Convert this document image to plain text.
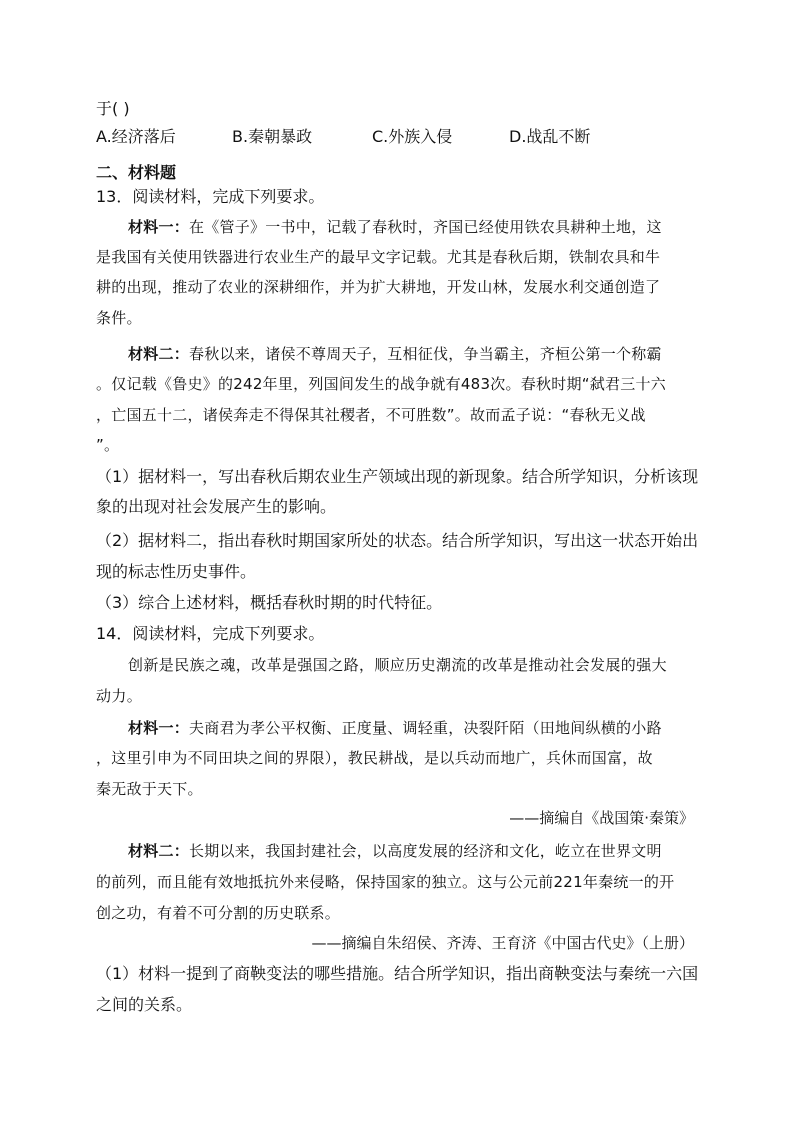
于( )
A.经济落后	B.秦朝暴政	C.外族入侵	D.战乱不断
二、材料题
13．阅读材料，完成下列要求。
材料一：在《管子》一书中，记载了春秋时，齐国已经使用铁农具耕种土地，这
是我国有关使用铁器进行农业生产的最早文字记载。尤其是春秋后期，铁制农具和牛
耕的出现，推动了农业的深耕细作，并为扩大耕地，开发山林，发展水利交通创造了
条件。
材料二：春秋以来，诸侯不尊周天子，互相征伐，争当霸主，齐桓公第一个称霸
。仅记载《鲁史》的242年里，列国间发生的战争就有483次。春秋时期“弑君三十六
，亡国五十二，诸侯奔走不得保其社稷者，不可胜数”。故而孟子说：“春秋无义战
”。
（1）据材料一，写出春秋后期农业生产领域出现的新现象。结合所学知识，分析该现
象的出现对社会发展产生的影响。
（2）据材料二，指出春秋时期国家所处的状态。结合所学知识，写出这一状态开始出
现的标志性历史事件。
（3）综合上述材料，概括春秋时期的时代特征。
14．阅读材料，完成下列要求。
创新是民族之魂，改革是强国之路，顺应历史潮流的改革是推动社会发展的强大
动力。
材料一：夫商君为孝公平权衡、正度量、调轻重，决裂阡陌（田地间纵横的小路
，这里引申为不同田块之间的界限），教民耕战，是以兵动而地广，兵休而国富，故
秦无敌于天下。
——摘编自《战国策·秦策》
材料二：长期以来，我国封建社会，以高度发展的经济和文化，屹立在世界文明
的前列，而且能有效地抵抗外来侵略，保持国家的独立。这与公元前221年秦统一的开
创之功，有着不可分割的历史联系。
——摘编自朱绍侯、齐涛、王育济《中国古代史》（上册）
（1）材料一提到了商鞅变法的哪些措施。结合所学知识，指出商鞅变法与秦统一六国
之间的关系。
